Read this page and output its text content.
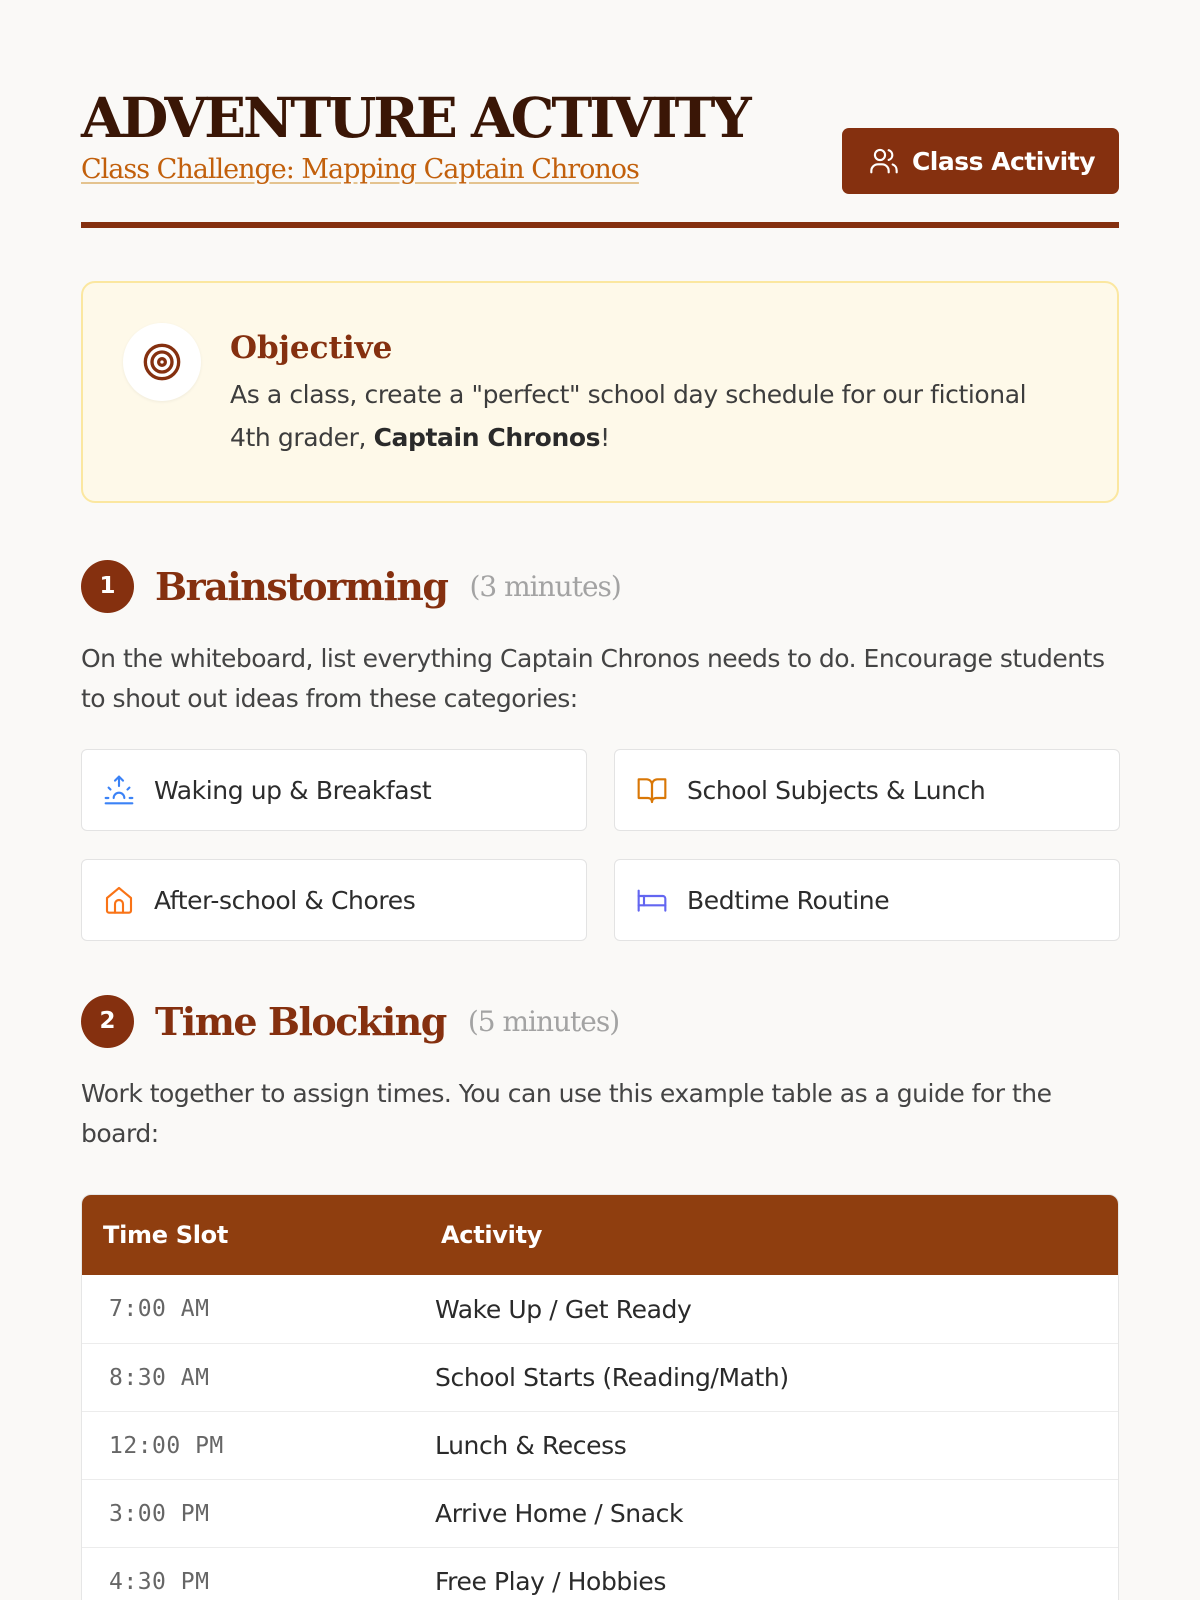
ADVENTURE ACTIVITY
Class Challenge: Mapping Captain Chronos	Class Activity
Objective

As a class, create a "perfect" school day schedule for our fictional 4th grader, Captain Chronos!

1	Brainstorming (3 minutes)

On the whiteboard, list everything Captain Chronos needs to do. Encourage students to shout out ideas from these categories:

Waking up & Breakfast	School Subjects & Lunch
After-school & Chores	Bedtime Routine
2	Time Blocking (5 minutes)

Work together to assign times. You can use this example table as a guide for the board:

Time Slot	Activity
7:00 AM	Wake Up / Get Ready
8:30 AM	School Starts (Reading/Math)
12:00 PM	Lunch & Recess
3:00 PM	Arrive Home / Snack
4:30 PM	Free Play / Hobbies
